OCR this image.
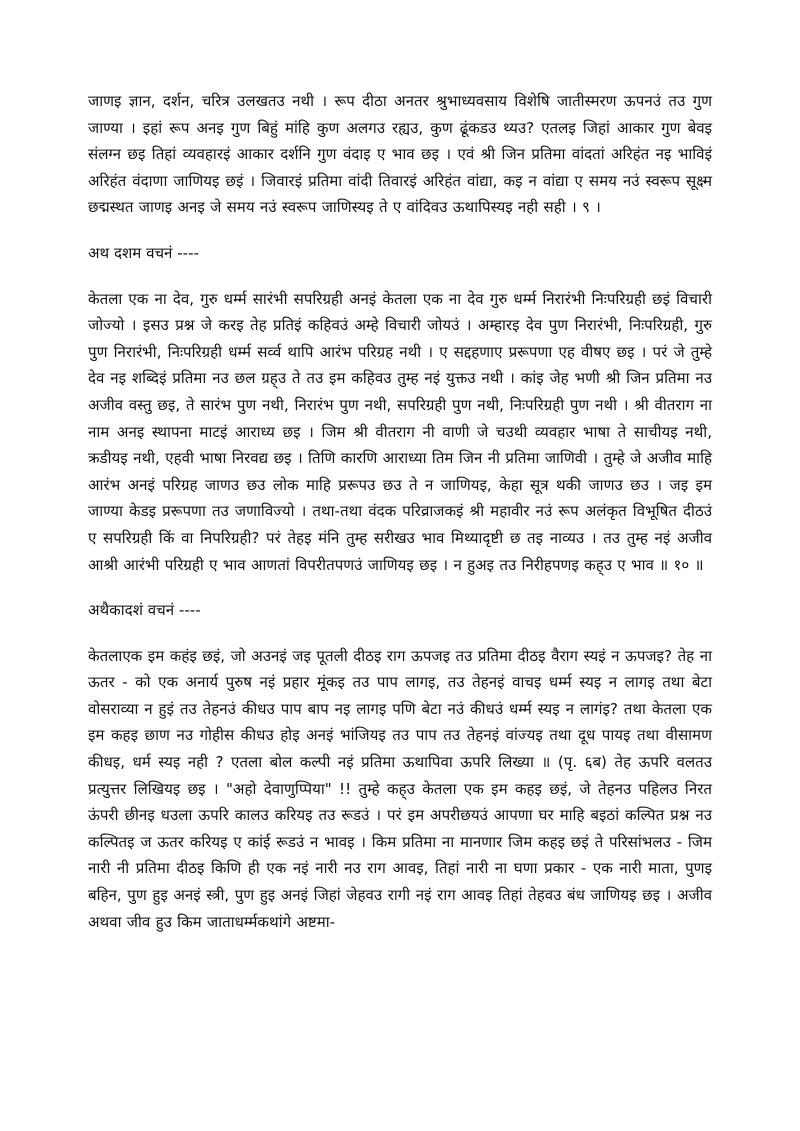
जाणइ ज्ञान, दर्शन, चरित्र उलखतउ नथी । रूप दीठा अनतर श्रुभाध्यवसाय विशेषि जातीस्मरण ऊपनउं तउ गुण जाण्या । इहां रूप अनइ गुण बिहुं मांहि कुण अलगउ रह्यउ, कुण ढूंकडउ थ्यउ? एतलइ जिहां आकार गुण बेवइ संलग्न छइ तिहां व्यवहारइं आकार दर्शनि गुण वंदाइ ए भाव छइ । एवं श्री जिन प्रतिमा वांदतां अरिहंत नइ भाविइं अरिहंत वंदाणा जाणियइ छइं । जिवारइं प्रतिमा वांदी तिवारइं अरिहंत वांद्या, कइ न वांद्या ए समय नउं स्वरूप सूक्ष्म छद्मस्थत जाणइ अनइ जे समय नउं स्वरूप जाणिस्यइ ते ए वांदिवउ ऊथापिस्यइ नही सही । ९ ।

अथ दशम वचनं ----

केतला एक ना देव, गुरु धर्म्म सारंभी सपरिग्रही अनइं केतला एक ना देव गुरु धर्म्म निरारंभी निःपरिग्रही छइं विचारी जोज्यो । इसउ प्रश्न जे करइ तेह प्रतिइं कहिवउं अम्हे विचारी जोयउं । अम्हारइ देव पुण निरारंभी, निःपरिग्रही, गुरु पुण निरारंभी, निःपरिग्रही धर्म्म सर्व्व थापि आरंभ परिग्रह नथी । ए सद्दहणाए प्ररूपणा एह वीषए छइ । परं जे तुम्हे देव नइ शब्दिइं प्रतिमा नउ छल ग्रह्उ ते तउ इम कहिवउ तुम्ह नइं युक्तउ नथी । कांइ जेह भणी श्री जिन प्रतिमा नउ अजीव वस्तु छइ, ते सारंभ पुण नथी, निरारंभ पुण नथी, सपरिग्रही पुण नथी, निःपरिग्रही पुण नथी । श्री वीतराग ना नाम अनइ स्थापना माटइं आराध्य छइ । जिम श्री वीतराग नी वाणी जे चउथी व्यवहार भाषा ते साचीयइ नथी, क्रडीयइ नथी, एहवी भाषा निरवद्य छइ । तिणि कारणि आराध्या तिम जिन नी प्रतिमा जाणिवी । तुम्हे जे अजीव माहि आरंभ अनइं परिग्रह जाणउ छउ लोक माहि प्ररूपउ छउ ते न जाणियइ, केहा सूत्र थकी जाणउ छउ । जइ इम जाण्या केडइ प्ररूपणा तउ जणाविज्यो । तथा-तथा वंदक परिव्राजकइं श्री महावीर नउं रूप अलंकृत विभूषित दीठउं ए सपरिग्रही किं वा निपरिग्रही? परं तेहइ मंनि तुम्ह सरीखउ भाव मिथ्यादृष्टी छ तइ नाव्यउ । तउ तुम्ह नइं अजीव आश्री आरंभी परिग्रही ए भाव आणतां विपरीतपणउं जाणियइ छइ । न हुअइ तउ निरीहपणइ कह्उ ए भाव ॥ १० ॥

अथैकादशं वचनं ----

केतलाएक इम कहंइ छइं, जो अउनइं जइ पूतली दीठइ राग ऊपजइ तउ प्रतिमा दीठइ वैराग स्यइं न ऊपजइ? तेह ना ऊतर - को एक अनार्य पुरुष नइं प्रहार मूंकइ तउ पाप लागइ, तउ तेहनइं वाचइ धर्म्म स्यइ न लागइ तथा बेटा वोसराव्या न हुइं तउ तेहनउं कीधउ पाप बाप नइ लागइ पणि बेटा नउं कीधउं धर्म्म स्यइ न लागंइ? तथा केतला एक इम कहइ छाण नउ गोहीस कीधउ होइ अनइं भांजियइ तउ पाप तउ तेहनइं वांज्यइ तथा दूध पायइ तथा वीसामण कीधइ, धर्म स्यइ नही ? एतला बोल कल्पी नइं प्रतिमा ऊथापिवा ऊपरि लिख्या ॥ (पृ. ६ब) तेह ऊपरि वलतउ प्रत्युत्तर लिखियइ छइ । "अहो देवाणुप्पिया" !! तुम्हे कह्उ केतला एक इम कहइ छइं, जे तेहनउ पहिलउ निरत ऊंपरी छीनइ धउला ऊपरि कालउ करियइ तउ रूडउं । परं इम अपरीछयउं आपणा घर माहि बइठां कल्पित प्रश्न नउ कल्पितइ ज ऊतर करियइ ए कांई रूडउं न भावइ । किम प्रतिमा ना मानणार जिम कहइ छइं ते परिसांभलउ - जिम नारी नी प्रतिमा दीठइ किणि ही एक नइं नारी नउ राग आवइ, तिहां नारी ना घणा प्रकार - एक नारी माता, पुणइ बहिन, पुण हुइ अनइं स्त्री, पुण हुइ अनइं जिहां जेहवउ रागी नइं राग आवइ तिहां तेहवउ बंध जाणियइ छइ । अजीव अथवा जीव हुउ किम जाताधर्म्मकथांगे अष्टमा-
